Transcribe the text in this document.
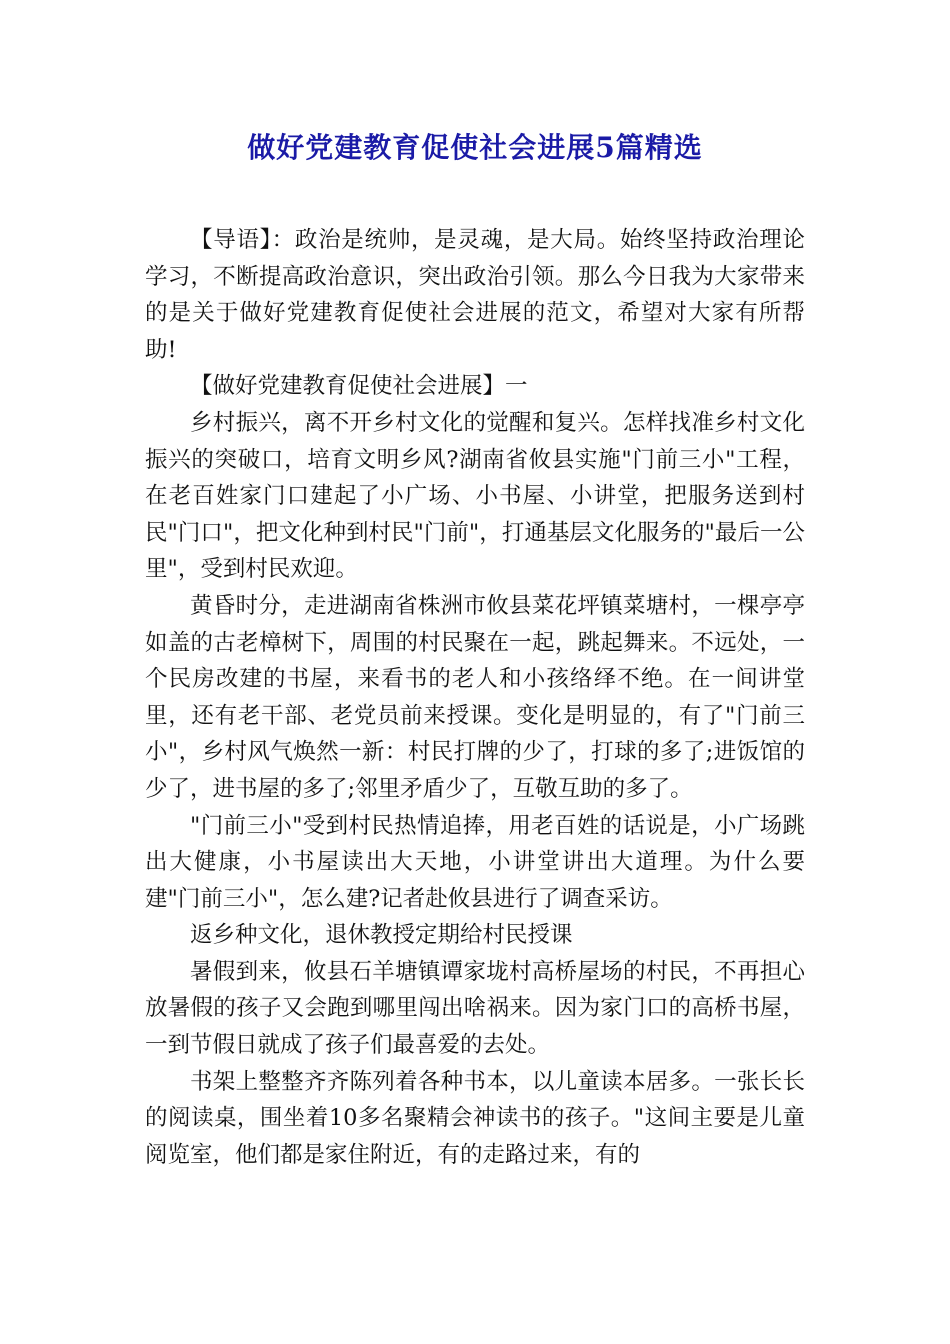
做好党建教育促使社会进展5篇精选

【导语】：政治是统帅，是灵魂，是大局。始终坚持政治理论学习，不断提高政治意识，突出政治引领。那么今日我为大家带来的是关于做好党建教育促使社会进展的范文，希望对大家有所帮助!

【做好党建教育促使社会进展】一

乡村振兴，离不开乡村文化的觉醒和复兴。怎样找准乡村文化振兴的突破口，培育文明乡风?湖南省攸县实施"门前三小"工程，在老百姓家门口建起了小广场、小书屋、小讲堂，把服务送到村民"门口"，把文化种到村民"门前"，打通基层文化服务的"最后一公里"，受到村民欢迎。

黄昏时分，走进湖南省株洲市攸县菜花坪镇菜塘村，一棵亭亭如盖的古老樟树下，周围的村民聚在一起，跳起舞来。不远处，一个民房改建的书屋，来看书的老人和小孩络绎不绝。在一间讲堂里，还有老干部、老党员前来授课。变化是明显的，有了"门前三小"，乡村风气焕然一新：村民打牌的少了，打球的多了;进饭馆的少了，进书屋的多了;邻里矛盾少了，互敬互助的多了。

"门前三小"受到村民热情追捧，用老百姓的话说是，小广场跳出大健康，小书屋读出大天地，小讲堂讲出大道理。为什么要建"门前三小"，怎么建?记者赴攸县进行了调查采访。

返乡种文化，退休教授定期给村民授课

暑假到来，攸县石羊塘镇谭家垅村高桥屋场的村民，不再担心放暑假的孩子又会跑到哪里闯出啥祸来。因为家门口的高桥书屋，一到节假日就成了孩子们最喜爱的去处。

书架上整整齐齐陈列着各种书本，以儿童读本居多。一张长长的阅读桌，围坐着10多名聚精会神读书的孩子。"这间主要是儿童阅览室，他们都是家住附近，有的走路过来，有的
